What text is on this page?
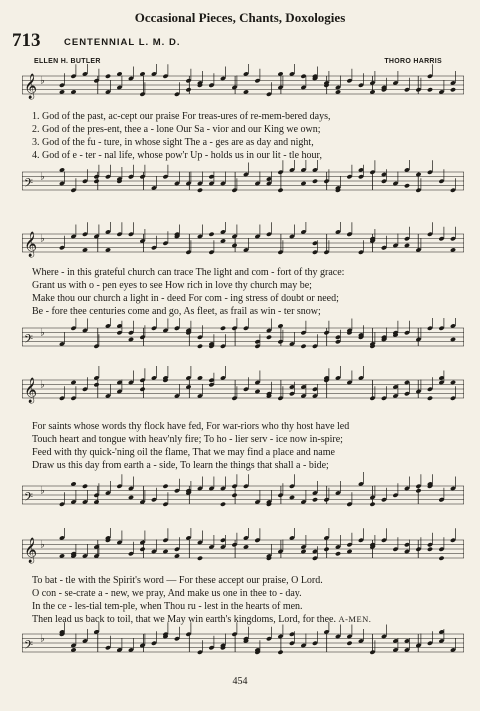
Occasional Pieces, Chants, Doxologies
713 CENTENNIAL L. M. D.
ELLEN H. BUTLER	THORO HARRIS
𝄞 ♭
1. God of the past, ac-cept our praise For treas-ures of re-mem-bered days,
2. God of the pres-ent, thee a - lone Our Sa - vior and our King we own;
3. God of the fu - ture, in whose sight The a - ges are as day and night,
4. God of e - ter - nal life, whose pow'r Up - holds us in our lit - tle hour,
𝄢 ♭
𝄞 ♭
Where - in this grateful church can trace The light and com - fort of thy grace:
Grant us with o - pen eyes to see How rich in love thy church may be;
Make thou our church a light in - deed For com - ing stress of doubt or need;
Be - fore thee centuries come and go, As fleet, as frail as win - ter snow;
𝄢 ♭
𝄞 ♭
For saints whose words thy flock have fed, For war-riors who thy host have led
Touch heart and tongue with heav'nly fire; To ho - lier serv - ice now in-spire;
Feed with thy quick-'ning oil the flame, That we may find a place and name
Draw us this day from earth a - side, To learn the things that shall a - bide;
𝄢 ♭
𝄞 ♭
To bat - tle with the Spirit's word — For these accept our praise, O Lord.
O con - se-crate a - new, we pray, And make us one in thee to - day.
In the ce - les-tial tem-ple, when Thou ru - lest in the hearts of men.
Then lead us back to toil, that we May win earth's kingdoms, Lord, for thee. A-MEN.
𝄢 ♭
454
